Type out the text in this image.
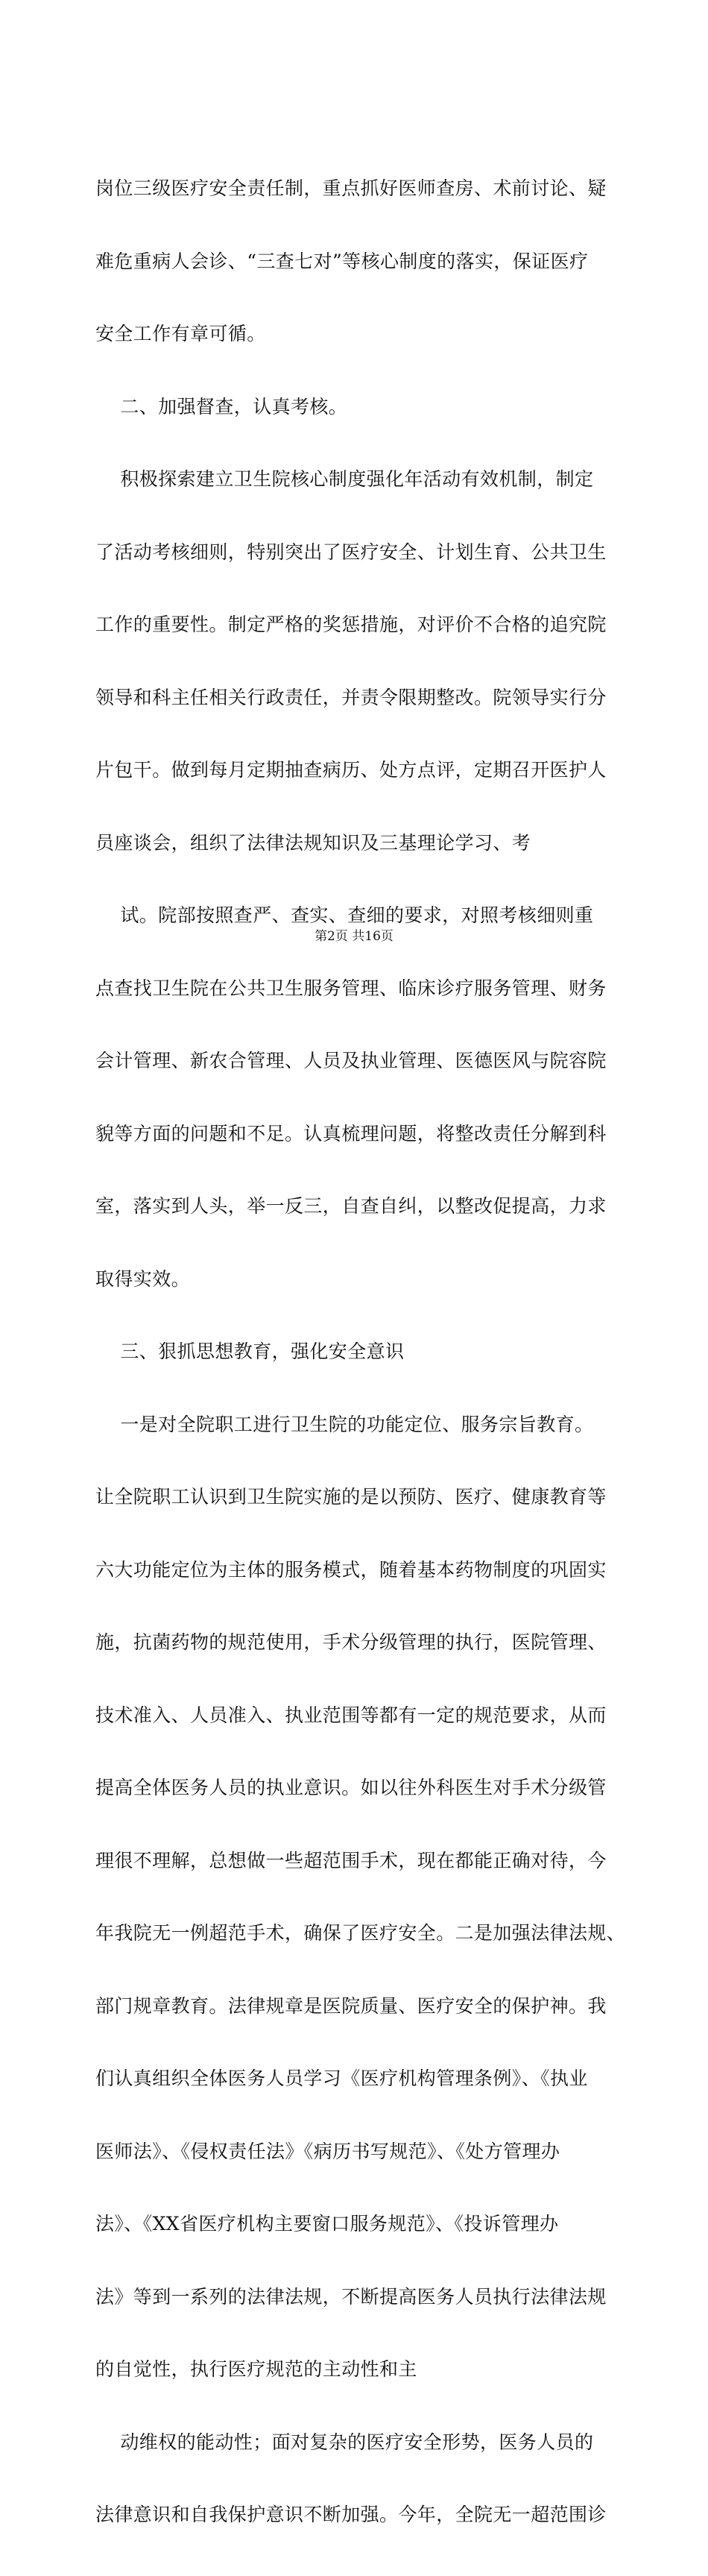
岗位三级医疗安全责任制，重点抓好医师查房、术前讨论、疑

难危重病人会诊、“三查七对”等核心制度的落实，保证医疗

安全工作有章可循。

二、加强督查，认真考核。

积极探索建立卫生院核心制度强化年活动有效机制，制定

了活动考核细则，特别突出了医疗安全、计划生育、公共卫生

工作的重要性。制定严格的奖惩措施，对评价不合格的追究院

领导和科主任相关行政责任，并责令限期整改。院领导实行分

片包干。做到每月定期抽查病历、处方点评，定期召开医护人

员座谈会，组织了法律法规知识及三基理论学习、考

试。院部按照查严、查实、查细的要求，对照考核细则重

点查找卫生院在公共卫生服务管理、临床诊疗服务管理、财务

会计管理、新农合管理、人员及执业管理、医德医风与院容院

貌等方面的问题和不足。认真梳理问题，将整改责任分解到科

室，落实到人头，举一反三，自查自纠，以整改促提高，力求

取得实效。

三、狠抓思想教育，强化安全意识

一是对全院职工进行卫生院的功能定位、服务宗旨教育。

让全院职工认识到卫生院实施的是以预防、医疗、健康教育等

六大功能定位为主体的服务模式，随着基本药物制度的巩固实

施，抗菌药物的规范使用，手术分级管理的执行，医院管理、

技术准入、人员准入、执业范围等都有一定的规范要求，从而

提高全体医务人员的执业意识。如以往外科医生对手术分级管

理很不理解，总想做一些超范围手术，现在都能正确对待，今

年我院无一例超范手术，确保了医疗安全。二是加强法律法规、

部门规章教育。法律规章是医院质量、医疗安全的保护神。我

们认真组织全体医务人员学习《医疗机构管理条例》、《执业

医师法》、《侵权责任法》《病历书写规范》、《处方管理办

法》、《XX省医疗机构主要窗口服务规范》、《投诉管理办

法》等到一系列的法律法规，不断提高医务人员执行法律法规

的自觉性，执行医疗规范的主动性和主

动维权的能动性；面对复杂的医疗安全形势，医务人员的

法律意识和自我保护意识不断加强。今年，全院无一超范围诊

第2页 共16页
